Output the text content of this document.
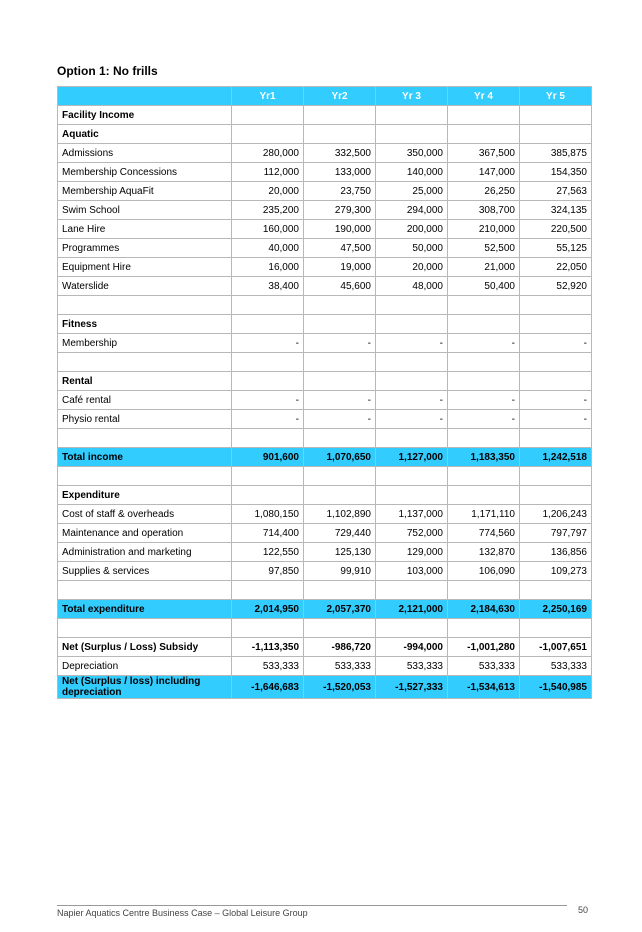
Option 1: No frills
	Yr1	Yr2	Yr 3	Yr 4	Yr 5
Facility Income					
Aquatic					
Admissions	280,000	332,500	350,000	367,500	385,875
Membership Concessions	112,000	133,000	140,000	147,000	154,350
Membership AquaFit	20,000	23,750	25,000	26,250	27,563
Swim School	235,200	279,300	294,000	308,700	324,135
Lane Hire	160,000	190,000	200,000	210,000	220,500
Programmes	40,000	47,500	50,000	52,500	55,125
Equipment Hire	16,000	19,000	20,000	21,000	22,050
Waterslide	38,400	45,600	48,000	50,400	52,920

Fitness					
Membership	-	-	-	-	-

Rental					
Café rental	-	-	-	-	-
Physio rental	-	-	-	-	-

Total income	901,600	1,070,650	1,127,000	1,183,350	1,242,518

Expenditure					
Cost of staff & overheads	1,080,150	1,102,890	1,137,000	1,171,110	1,206,243
Maintenance and operation	714,400	729,440	752,000	774,560	797,797
Administration and marketing	122,550	125,130	129,000	132,870	136,856
Supplies & services	97,850	99,910	103,000	106,090	109,273

Total expenditure	2,014,950	2,057,370	2,121,000	2,184,630	2,250,169

Net (Surplus / Loss) Subsidy	-1,113,350	-986,720	-994,000	-1,001,280	-1,007,651
Depreciation	533,333	533,333	533,333	533,333	533,333
Net (Surplus / loss) including depreciation	-1,646,683	-1,520,053	-1,527,333	-1,534,613	-1,540,985
Napier Aquatics Centre Business Case – Global Leisure Group	50
